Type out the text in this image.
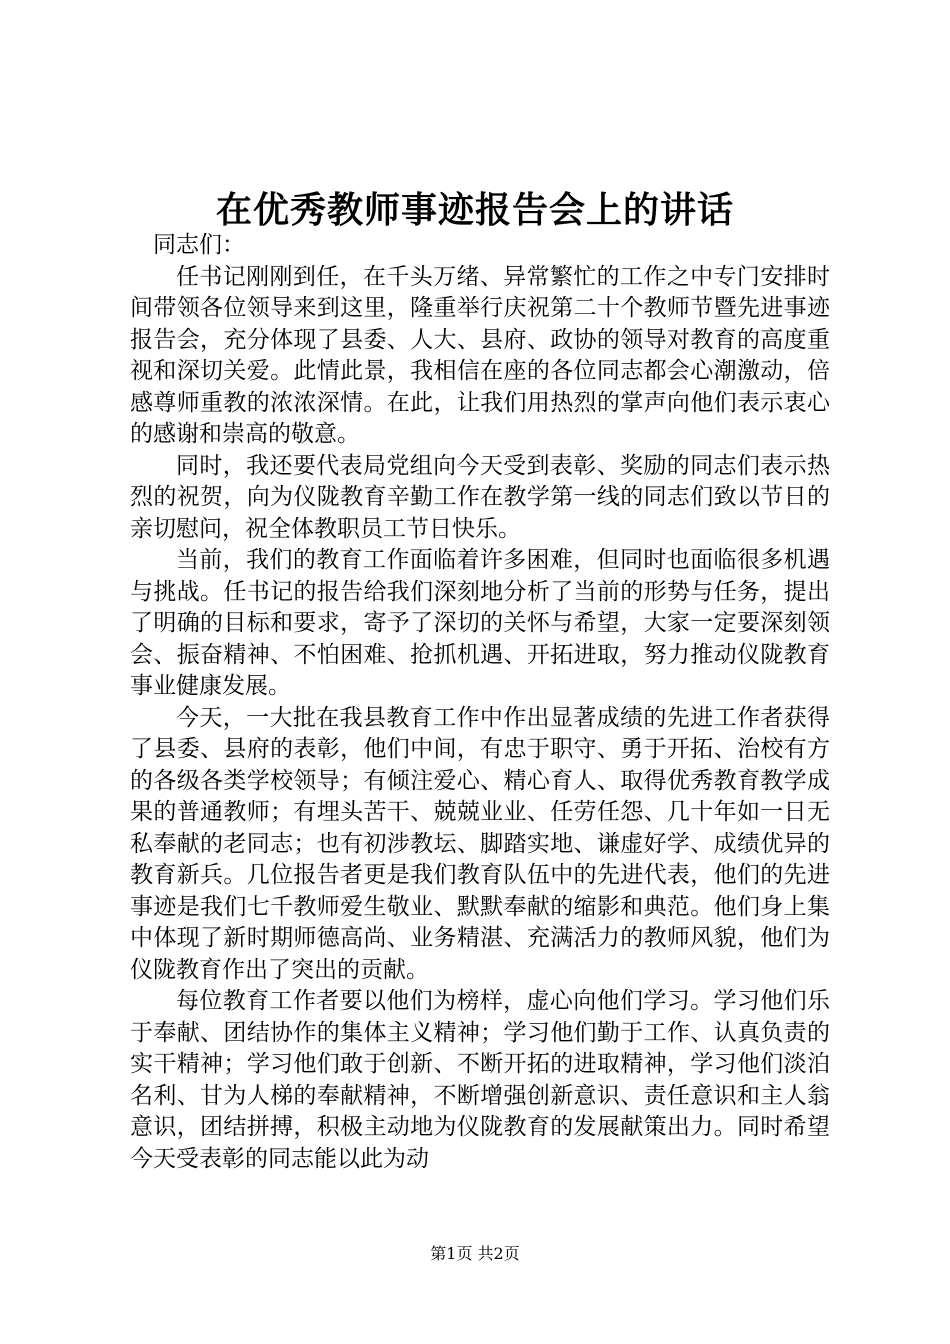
在优秀教师事迹报告会上的讲话

同志们：

任书记刚刚到任，在千头万绪、异常繁忙的工作之中专门安排时间带领各位领导来到这里，隆重举行庆祝第二十个教师节暨先进事迹报告会，充分体现了县委、人大、县府、政协的领导对教育的高度重视和深切关爱。此情此景，我相信在座的各位同志都会心潮激动，倍感尊师重教的浓浓深情。在此，让我们用热烈的掌声向他们表示衷心的感谢和崇高的敬意。

同时，我还要代表局党组向今天受到表彰、奖励的同志们表示热烈的祝贺，向为仪陇教育辛勤工作在教学第一线的同志们致以节日的亲切慰问，祝全体教职员工节日快乐。

当前，我们的教育工作面临着许多困难，但同时也面临很多机遇与挑战。任书记的报告给我们深刻地分析了当前的形势与任务，提出了明确的目标和要求，寄予了深切的关怀与希望，大家一定要深刻领会、振奋精神、不怕困难、抢抓机遇、开拓进取，努力推动仪陇教育事业健康发展。

今天，一大批在我县教育工作中作出显著成绩的先进工作者获得了县委、县府的表彰，他们中间，有忠于职守、勇于开拓、治校有方的各级各类学校领导；有倾注爱心、精心育人、取得优秀教育教学成果的普通教师；有埋头苦干、兢兢业业、任劳任怨、几十年如一日无私奉献的老同志；也有初涉教坛、脚踏实地、谦虚好学、成绩优异的教育新兵。几位报告者更是我们教育队伍中的先进代表，他们的先进事迹是我们七千教师爱生敬业、默默奉献的缩影和典范。他们身上集中体现了新时期师德高尚、业务精湛、充满活力的教师风貌，他们为仪陇教育作出了突出的贡献。

每位教育工作者要以他们为榜样，虚心向他们学习。学习他们乐于奉献、团结协作的集体主义精神；学习他们勤于工作、认真负责的实干精神；学习他们敢于创新、不断开拓的进取精神，学习他们淡泊名利、甘为人梯的奉献精神，不断增强创新意识、责任意识和主人翁意识，团结拼搏，积极主动地为仪陇教育的发展献策出力。同时希望今天受表彰的同志能以此为动

第1页 共2页
